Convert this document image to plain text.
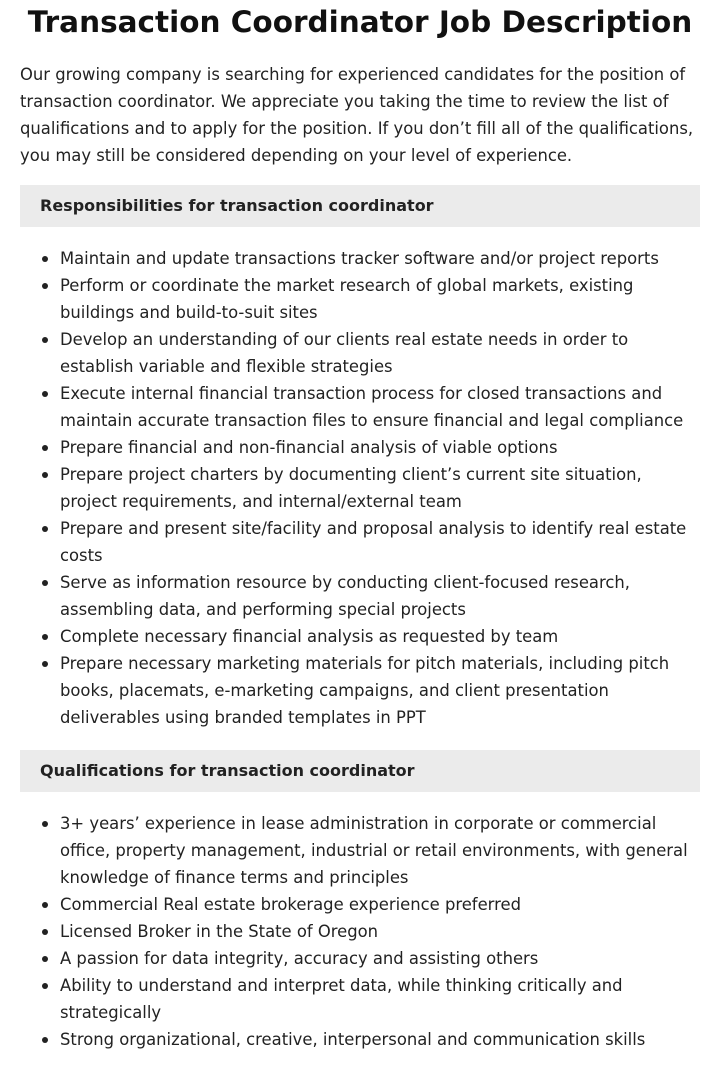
Transaction Coordinator Job Description

Our growing company is searching for experienced candidates for the position of transaction coordinator. We appreciate you taking the time to review the list of qualifications and to apply for the position. If you don’t fill all of the qualifications, you may still be considered depending on your level of experience.

Responsibilities for transaction coordinator
Maintain and update transactions tracker software and/or project reports
Perform or coordinate the market research of global markets, existing buildings and build-to-suit sites
Develop an understanding of our clients real estate needs in order to establish variable and flexible strategies
Execute internal financial transaction process for closed transactions and maintain accurate transaction files to ensure financial and legal compliance
Prepare financial and non-financial analysis of viable options
Prepare project charters by documenting client’s current site situation, project requirements, and internal/external team
Prepare and present site/facility and proposal analysis to identify real estate costs
Serve as information resource by conducting client-focused research, assembling data, and performing special projects
Complete necessary financial analysis as requested by team
Prepare necessary marketing materials for pitch materials, including pitch books, placemats, e-marketing campaigns, and client presentation deliverables using branded templates in PPT
Qualifications for transaction coordinator
3+ years’ experience in lease administration in corporate or commercial office, property management, industrial or retail environments, with general knowledge of finance terms and principles
Commercial Real estate brokerage experience preferred
Licensed Broker in the State of Oregon
A passion for data integrity, accuracy and assisting others
Ability to understand and interpret data, while thinking critically and strategically
Strong organizational, creative, interpersonal and communication skills
